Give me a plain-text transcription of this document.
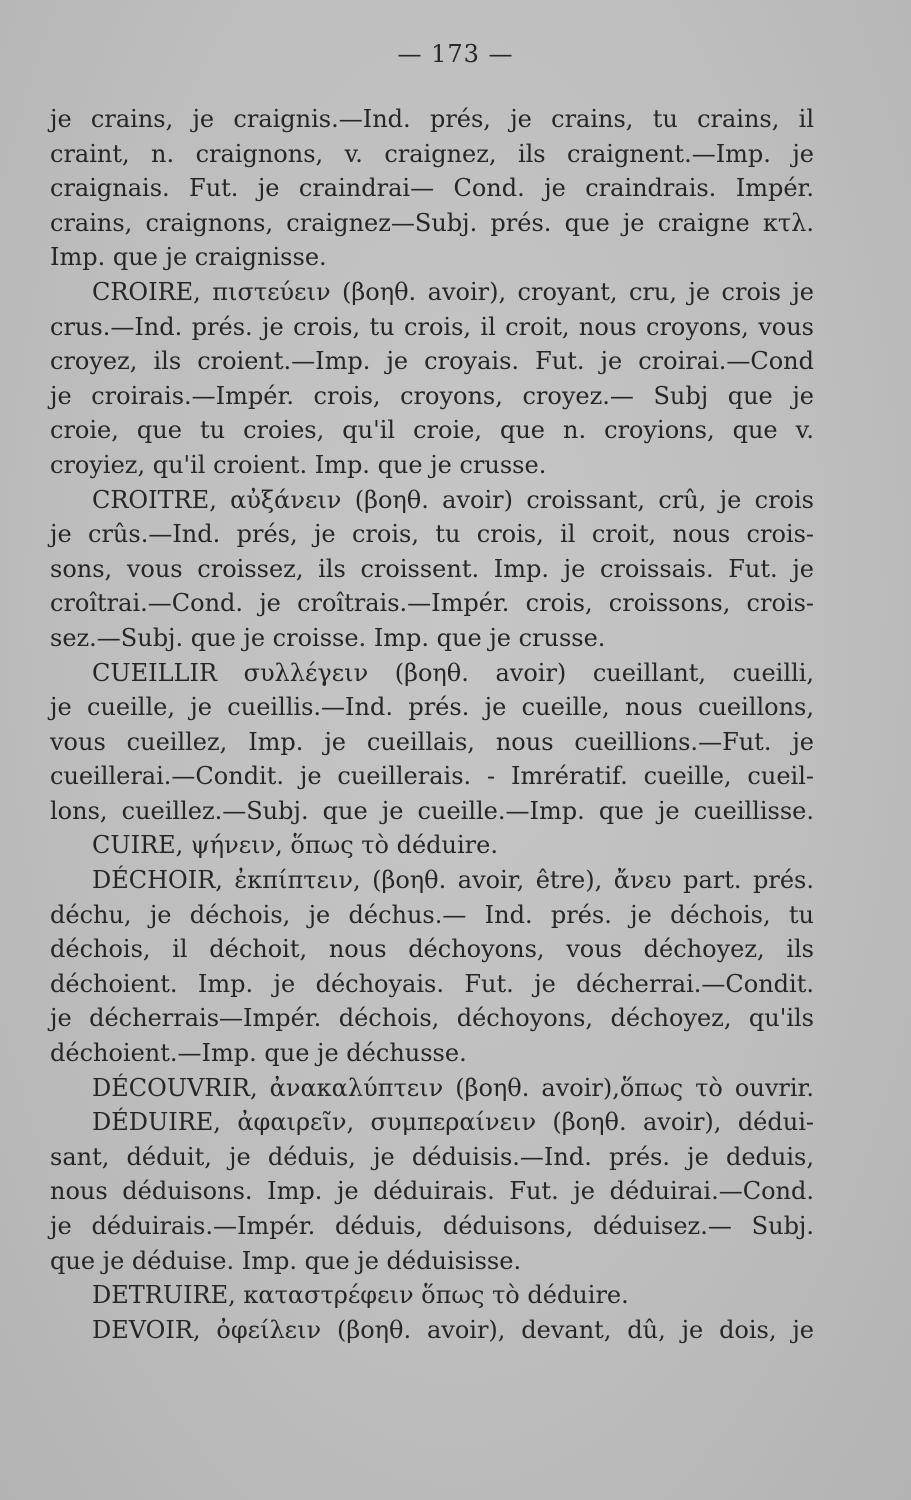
— 173 —
je crains, je craignis.—Ind. prés, je crains, tu crains, il
craint, n. craignons, v. craignez, ils craignent.—Imp. je
craignais. Fut. je craindrai— Cond. je craindrais. Impér.
crains, craignons, craignez—Subj. prés. que je craigne κτλ.
Imp. que je craignisse.
CROIRE, πιστεύειν (βοηθ. avoir), croyant, cru, je crois je
crus.—Ind. prés. je crois, tu crois, il croit, nous croyons, vous
croyez, ils croient.—Imp. je croyais. Fut. je croirai.—Cond
je croirais.—Impér. crois, croyons, croyez.— Subj que je
croie, que tu croies, qu'il croie, que n. croyions, que v.
croyiez, qu'il croient. Imp. que je crusse.
CROITRE, αὐξάνειν (βοηθ. avoir) croissant, crû, je crois
je crûs.—Ind. prés, je crois, tu crois, il croit, nous crois-
sons, vous croissez, ils croissent. Imp. je croissais. Fut. je
croîtrai.—Cond. je croîtrais.—Impér. crois, croissons, crois-
sez.—Subj. que je croisse. Imp. que je crusse.
CUEILLIR συλλέγειν (βοηθ. avoir) cueillant, cueilli,
je cueille, je cueillis.—Ind. prés. je cueille, nous cueillons,
vous cueillez, Imp. je cueillais, nous cueillions.—Fut. je
cueillerai.—Condit. je cueillerais. - Imrératif. cueille, cueil-
lons, cueillez.—Subj. que je cueille.—Imp. que je cueillisse.
CUIRE, ψήνειν, ὅπως τὸ déduire.
DÉCHOIR, ἐκπίπτειν, (βοηθ. avoir, être), ἄνευ part. prés.
déchu, je déchois, je déchus.— Ind. prés. je déchois, tu
déchois, il déchoit, nous déchoyons, vous déchoyez, ils
déchoient. Imp. je déchoyais. Fut. je décherrai.—Condit.
je décherrais—Impér. déchois, déchoyons, déchoyez, qu'ils
déchoient.—Imp. que je déchusse.
DÉCOUVRIR, ἀνακαλύπτειν (βοηθ. avoir),ὅπως τὸ ouvrir.
DÉDUIRE, ἀφαιρεῖν, συμπεραίνειν (βοηθ. avoir), dédui-
sant, déduit, je déduis, je déduisis.—Ind. prés. je deduis,
nous déduisons. Imp. je déduirais. Fut. je déduirai.—Cond.
je déduirais.—Impér. déduis, déduisons, déduisez.— Subj.
que je déduise. Imp. que je déduisisse.
DETRUIRE, καταστρέφειν ὅπως τὸ déduire.
DEVOIR, ὀφείλειν (βοηθ. avoir), devant, dû, je dois, je
